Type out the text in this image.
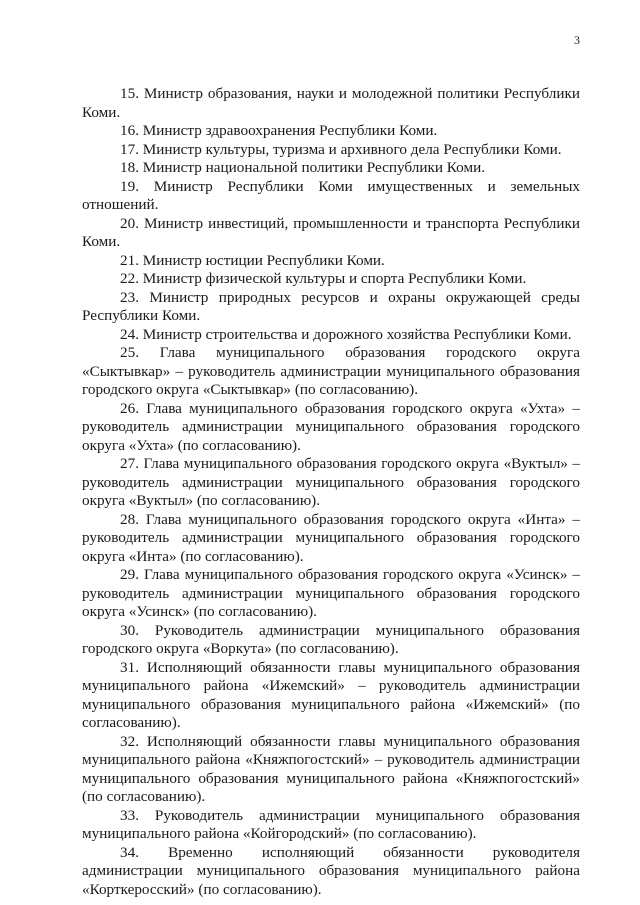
3

15. Министр образования, науки и молодежной политики Республики Коми.

16. Министр здравоохранения Республики Коми.

17. Министр культуры, туризма и архивного дела Республики Коми.

18. Министр национальной политики Республики Коми.

19. Министр Республики Коми имущественных и земельных отношений.

20. Министр инвестиций, промышленности и транспорта Республики Коми.

21. Министр юстиции Республики Коми.

22. Министр физической культуры и спорта Республики Коми.

23. Министр природных ресурсов и охраны окружающей среды Республики Коми.

24. Министр строительства и дорожного хозяйства Республики Коми.

25. Глава муниципального образования городского округа «Сыктывкар» – руководитель администрации муниципального образования городского округа «Сыктывкар» (по согласованию).

26. Глава муниципального образования городского округа «Ухта» – руководитель администрации муниципального образования городского округа «Ухта» (по согласованию).

27. Глава муниципального образования городского округа «Вуктыл» – руководитель администрации муниципального образования городского округа «Вуктыл» (по согласованию).

28. Глава муниципального образования городского округа «Инта» – руководитель администрации муниципального образования городского округа «Инта» (по согласованию).

29. Глава муниципального образования городского округа «Усинск» – руководитель администрации муниципального образования городского округа «Усинск» (по согласованию).

30. Руководитель администрации муниципального образования городского округа «Воркута» (по согласованию).

31. Исполняющий обязанности главы муниципального образования муниципального района «Ижемский» – руководитель администрации муниципального образования муниципального района «Ижемский» (по согласованию).

32. Исполняющий обязанности главы муниципального образования муниципального района «Княжпогостский» – руководитель администрации муниципального образования муниципального района «Княжпогостский» (по согласованию).

33. Руководитель администрации муниципального образования муниципального района «Койгородский» (по согласованию).

34. Временно исполняющий обязанности руководителя администрации муниципального образования муниципального района «Корткеросский» (по согласованию).
